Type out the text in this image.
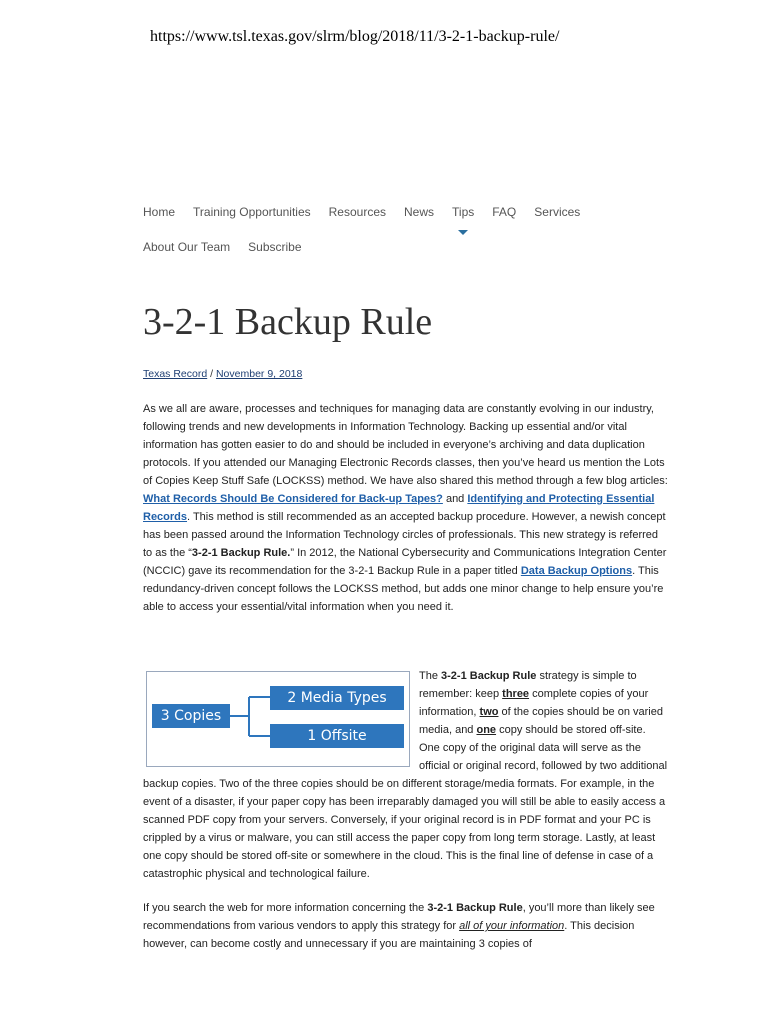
https://www.tsl.texas.gov/slrm/blog/2018/11/3-2-1-backup-rule/
Home Training Opportunities Resources News Tips FAQ Services
About Our Team Subscribe
3-2-1 Backup Rule
Texas Record / November 9, 2018

As we all are aware, processes and techniques for managing data are constantly evolving in our industry, following trends and new developments in Information Technology. Backing up essential and/or vital information has gotten easier to do and should be included in everyone’s archiving and data duplication protocols. If you attended our Managing Electronic Records classes, then you’ve heard us mention the Lots of Copies Keep Stuff Safe (LOCKSS) method. We have also shared this method through a few blog articles: What Records Should Be Considered for Back-up Tapes? and Identifying and Protecting Essential Records. This method is still recommended as an accepted backup procedure. However, a newish concept has been passed around the Information Technology circles of professionals. This new strategy is referred to as the “3-2-1 Backup Rule.” In 2012, the National Cybersecurity and Communications Integration Center (NCCIC) gave its recommendation for the 3-2-1 Backup Rule in a paper titled Data Backup Options. This redundancy-driven concept follows the LOCKSS method, but adds one minor change to help ensure you’re able to access your essential/vital information when you need it.

3 Copies
2 Media Types
1 Offsite

The 3-2-1 Backup Rule strategy is simple to remember: keep three complete copies of your information, two of the copies should be on varied media, and one copy should be stored off-site. One copy of the original data will serve as the official or original record, followed by two additional backup copies. Two of the three copies should be on different storage/media formats. For example, in the event of a disaster, if your paper copy has been irreparably damaged you will still be able to easily access a scanned PDF copy from your servers. Conversely, if your original record is in PDF format and your PC is crippled by a virus or malware, you can still access the paper copy from long term storage. Lastly, at least one copy should be stored off-site or somewhere in the cloud. This is the final line of defense in case of a catastrophic physical and technological failure.

If you search the web for more information concerning the 3-2-1 Backup Rule, you’ll more than likely see recommendations from various vendors to apply this strategy for all of your information. This decision however, can become costly and unnecessary if you are maintaining 3 copies of
